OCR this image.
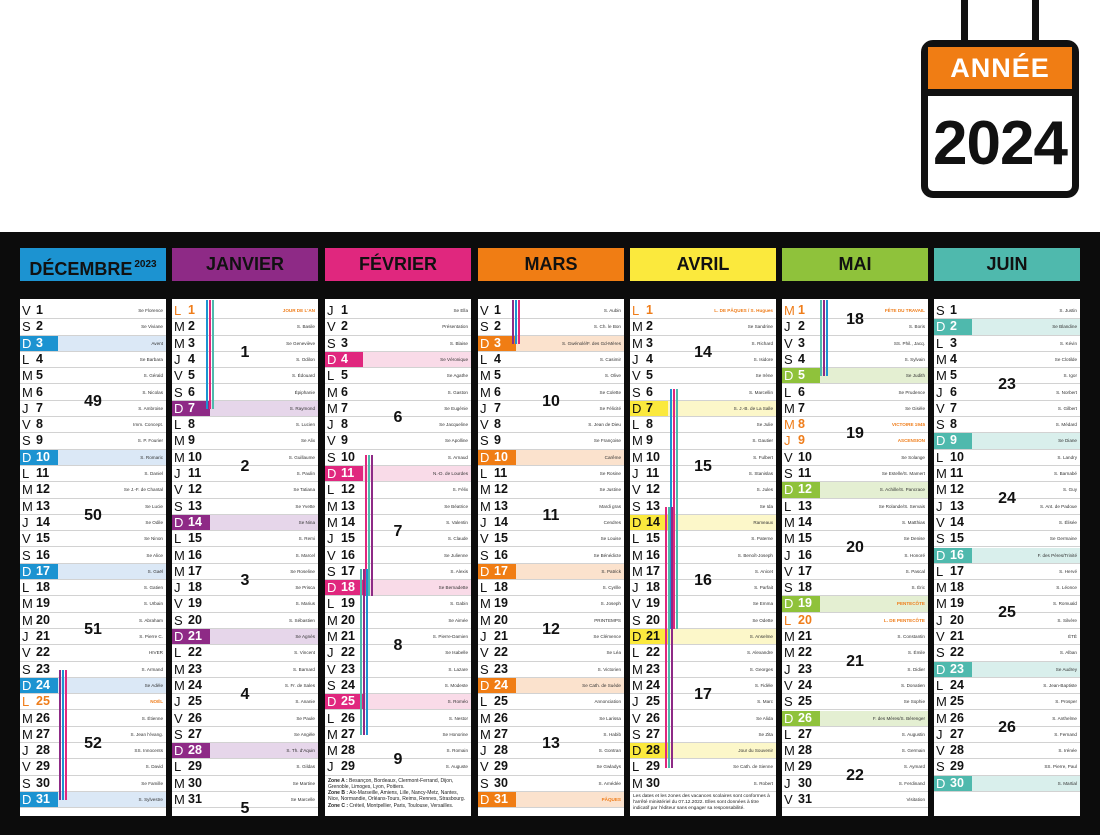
ANNÉE
2024
DÉCEMBRE $^{2023}$
V 1	Se Florence
S 2	Se Viviane
D 3	Avent
L 4	Se Barbara
M 5	S. Gérald
M 6	S. Nicolas
J 7	S. Ambroise
V 8	Imm. Concept.
S 9	S. P. Fourier
D 10	S. Romaric
L 11	S. Daniel
M 12	Se J.-F. de Chantal
M 13	Se Lucie
J 14	Se Odile
V 15	Se Ninon
S 16	Se Alice
D 17	S. Gaël
L 18	S. Gatien
M 19	S. Urbain
M 20	S. Abraham
J 21	S. Pierre C.
V 22	HIVER
S 23	S. Armand
D 24	Se Adèle
L 25	NOËL
M 26	S. Étienne
M 27	S. Jean l'évang.
J 28	SS. Innocents
V 29	S. David
S 30	Se Famille
D 31	S. Sylvestre
49
50
51
52
JANVIER
L 1	JOUR DE L'AN
M 2	S. Basile
M 3	Se Geneviève
J 4	S. Odilon
V 5	S. Édouard
S 6	Épiphanie
D 7	S. Raymond
L 8	S. Lucien
M 9	Se Alix
M 10	S. Guillaume
J 11	S. Paulin
V 12	Se Tatiana
S 13	Se Yvette
D 14	Se Nina
L 15	S. Remi
M 16	S. Marcel
M 17	Se Roseline
J 18	Se Prisca
V 19	S. Marius
S 20	S. Sébastien
D 21	Se Agnès
L 22	S. Vincent
M 23	S. Barnard
M 24	S. Fr. de Sales
J 25	S. Ananie
V 26	Se Paule
S 27	Se Angèle
D 28	S. Th. d'Aquin
L 29	S. Gildas
M 30	Se Martine
M 31	Se Marcelle
1
2
3
4
5
FÉVRIER
J 1	Se Ella
V 2	Présentation
S 3	S. Blaise
D 4	Se Véronique
L 5	Se Agathe
M 6	S. Gaston
M 7	Se Eugénie
J 8	Se Jacqueline
V 9	Se Apolline
S 10	S. Arnaud
D 11	N.-D. de Lourdes
L 12	S. Félix
M 13	Se Béatrice
M 14	S. Valentin
J 15	S. Claude
V 16	Se Julienne
S 17	S. Alexis
D 18	Se Bernadette
L 19	S. Gabin
M 20	Se Aimée
M 21	S. Pierre-Damien
J 22	Se Isabelle
V 23	S. Lazare
S 24	S. Modeste
D 25	S. Roméo
L 26	S. Nestor
M 27	Se Honorine
M 28	S. Romain
J 29	S. Auguste
6
7
8
9
Zone A : Besançon, Bordeaux, Clermont-Ferrand, Dijon, Grenoble, Limoges, Lyon, Poitiers.
Zone B : Aix-Marseille, Amiens, Lille, Nancy-Metz, Nantes, Nice, Normandie, Orléans-Tours, Reims, Rennes, Strasbourg.
Zone C : Créteil, Montpellier, Paris, Toulouse, Versailles.
MARS
V 1	S. Aubin
S 2	S. Ch. le Bon
D 3	S. Gwénolé/F. des Gd-Mères
L 4	S. Casimir
M 5	S. Olive
M 6	Se Colette
J 7	Se Félicité
V 8	S. Jean de Dieu
S 9	Se Françoise
D 10	Carême
L 11	Se Rosine
M 12	Se Justine
M 13	Mardi gras
J 14	Cendres
V 15	Se Louise
S 16	Se Bénédicte
D 17	S. Patrick
L 18	S. Cyrille
M 19	S. Joseph
M 20	PRINTEMPS
J 21	Se Clémence
V 22	Se Léa
S 23	S. Victorien
D 24	Se Cath. de Suède
L 25	Annonciation
M 26	Se Larissa
M 27	S. Habib
J 28	S. Gontran
V 29	Se Gwladys
S 30	S. Amédée
D 31	PÂQUES
10
11
12
13
AVRIL
L 1	L. DE PÂQUES / S. Hugues
M 2	Se Sandrine
M 3	S. Richard
J 4	S. Isidore
V 5	Se Irène
S 6	S. Marcellin
D 7	S. J.-B. de La Salle
L 8	Se Julie
M 9	S. Gautier
M 10	S. Fulbert
J 11	S. Stanislas
V 12	S. Jules
S 13	Se Ida
D 14	Rameaux
L 15	S. Paterne
M 16	S. Benoît-Joseph
M 17	S. Anicet
J 18	S. Parfait
V 19	Se Emma
S 20	Se Odette
D 21	S. Anselme
L 22	S. Alexandre
M 23	S. Georges
M 24	S. Fidèle
J 25	S. Marc
V 26	Se Alida
S 27	Se Zita
D 28	Jour du Souvenir
L 29	Se Cath. de Sienne
M 30	S. Robert
14
15
16
17
Les dates et les zones des vacances scolaires sont conformes à l'arrêté ministériel du 07.12.2022. Elles sont données à titre indicatif par l'éditeur sans engager sa responsabilité.
MAI
M 1	FÊTE DU TRAVAIL
J 2	S. Boris
V 3	SS. Phil., Jacq.
S 4	S. Sylvain
D 5	Se Judith
L 6	Se Prudence
M 7	Se Gisèle
M 8	VICTOIRE 1945
J 9	ASCENSION
V 10	Se Solange
S 11	Se Estelle/S. Mamert
D 12	S. Achille/S. Pancrace
L 13	Se Rolande/S. Servais
M 14	S. Matthias
M 15	Se Denise
J 16	S. Honoré
V 17	S. Pascal
S 18	S. Éric
D 19	PENTECÔTE
L 20	L. DE PENTECÔTE
M 21	S. Constantin
M 22	S. Émile
J 23	S. Didier
V 24	S. Donatien
S 25	Se Sophie
D 26	F. des Mères/S. Bérenger
L 27	S. Augustin
M 28	S. Germain
M 29	S. Aymard
J 30	S. Ferdinand
V 31	Visitation
18
19
20
21
22
JUIN
S 1	S. Justin
D 2	Se Blandine
L 3	S. Kévin
M 4	Se Clotilde
M 5	S. Igor
J 6	S. Norbert
V 7	S. Gilbert
S 8	S. Médard
D 9	Se Diane
L 10	S. Landry
M 11	S. Barnabé
M 12	S. Guy
J 13	S. Ant. de Padoue
V 14	S. Élisée
S 15	Se Germaine
D 16	F. des Pères/Trinité
L 17	S. Hervé
M 18	S. Léonce
M 19	S. Romuald
J 20	S. Silvère
V 21	ÉTÉ
S 22	S. Alban
D 23	Se Audrey
L 24	S. Jean-Baptiste
M 25	S. Prosper
M 26	S. Anthelme
J 27	S. Fernand
V 28	S. Irénée
S 29	SS. Pierre, Paul
D 30	S. Martial
23
24
25
26
